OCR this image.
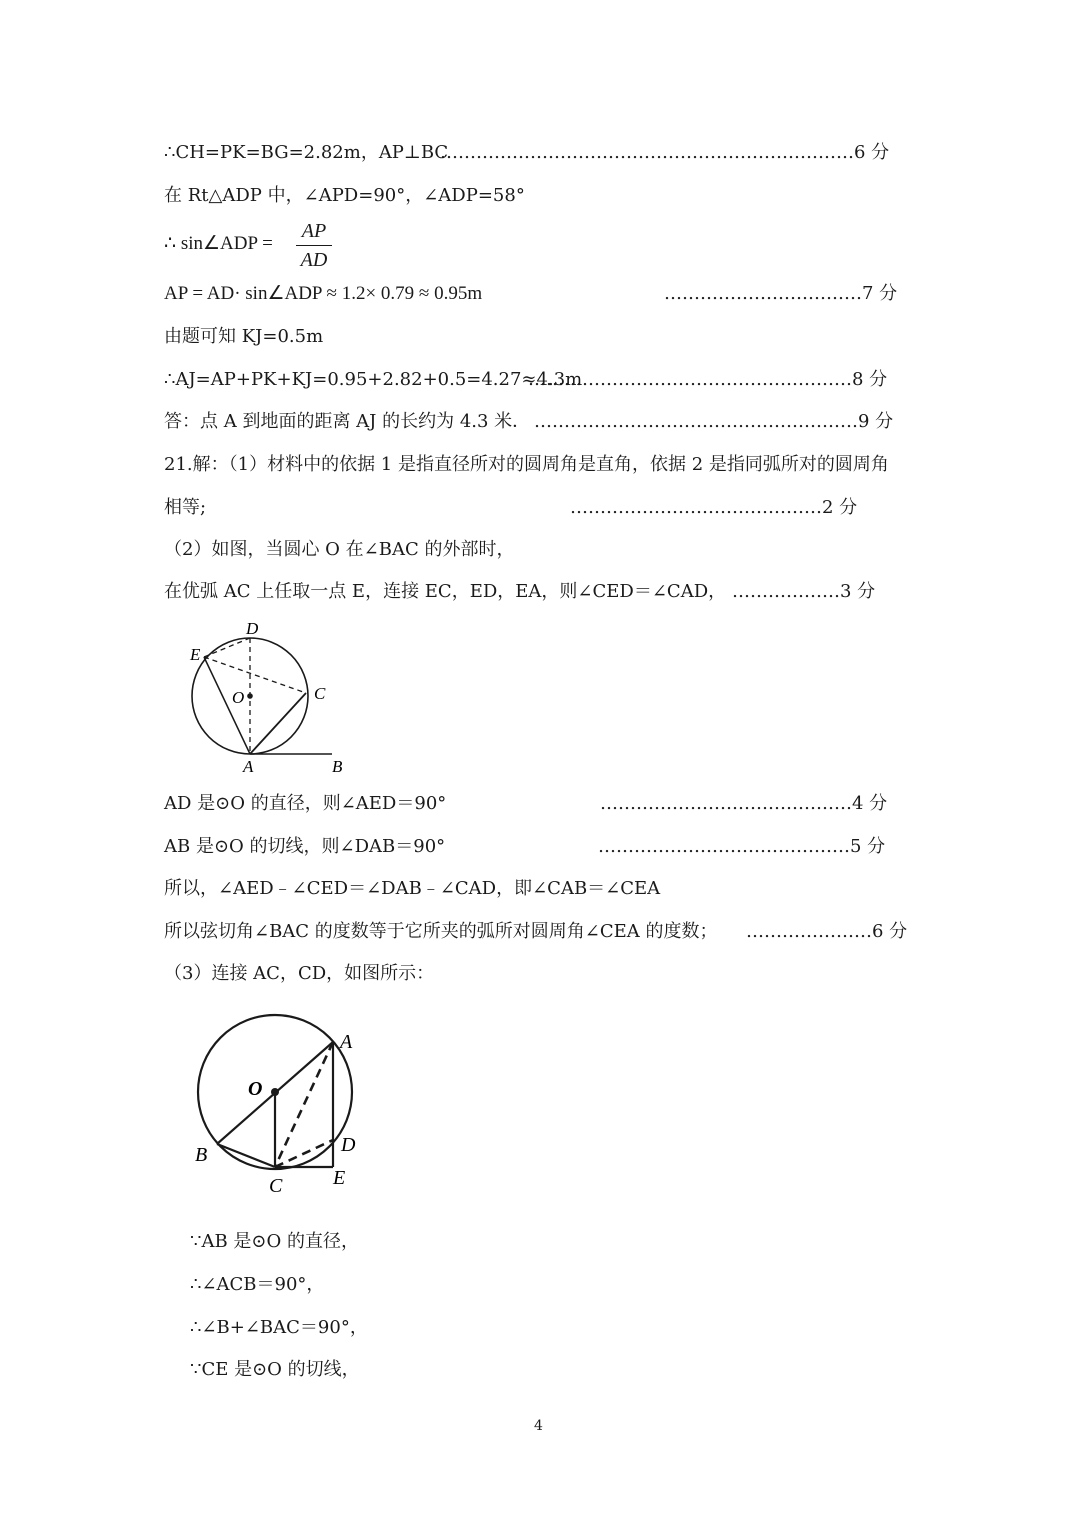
∴CH=PK=BG=2.82m，AP⊥BC
……………………………………………………………6 分
在 Rt△ADP 中，∠APD=90°，∠ADP=58°
∴ sin∠ADP =
AP
AD
AP = AD· sin∠ADP ≈ 1.2× 0.79 ≈ 0.95m	……………………………7 分
由题可知 KJ=0.5m
∴AJ=AP+PK+KJ=0.95+2.82+0.5=4.27≈4.3m
………………………………………………8 分
答：点 A 到地面的距离 AJ 的长约为 4.3 米． ………………………………………………9 分
21.解：（1）材料中的依据 1 是指直径所对的圆周角是直角，依据 2 是指同弧所对的圆周角
相等;	……………………………………2 分
（2）如图，当圆心 O 在∠BAC 的外部时，
在优弧 AC 上任取一点 E，连接 EC，ED，EA，则∠CED＝∠CAD， ………………3 分
D
E
O	C
A	B
AD 是⊙O 的直径，则∠AED＝90°	……………………………………4 分
AB 是⊙O 的切线，则∠DAB＝90°	……………………………………5 分
所以，∠AED﹣∠CED＝∠DAB﹣∠CAD，即∠CAB＝∠CEA
所以弦切角∠BAC 的度数等于它所夹的弧所对圆周角∠CEA 的度数； …………………6 分
（3）连接 AC，CD，如图所示：
A
O
B	D
C	E
∵AB 是⊙O 的直径，
∴∠ACB＝90°，
∴∠B+∠BAC＝90°，
∵CE 是⊙O 的切线，
4
